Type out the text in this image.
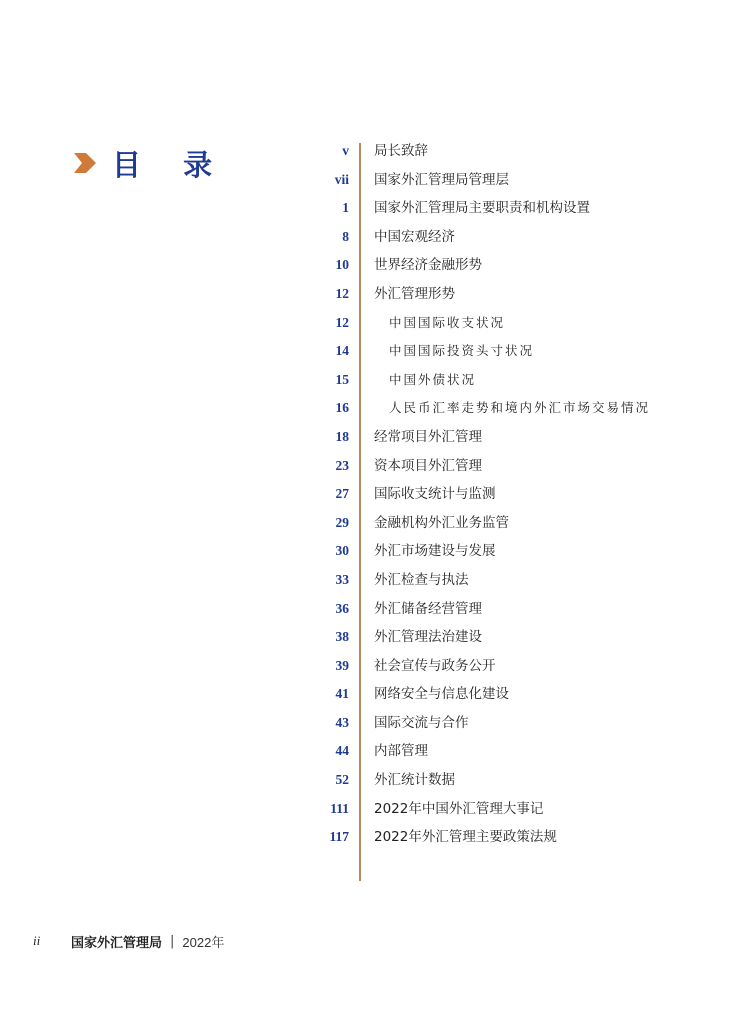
目 录	v 局长致辞
vii 国家外汇管理局管理层
1 国家外汇管理局主要职责和机构设置
8 中国宏观经济
10 世界经济金融形势
12 外汇管理形势
12	中国国际收支状况
14	中国国际投资头寸状况
15	中国外债状况
16	人民币汇率走势和境内外汇市场交易情况
18 经常项目外汇管理
23 资本项目外汇管理
27 国际收支统计与监测
29 金融机构外汇业务监管
30 外汇市场建设与发展
33 外汇检查与执法
36 外汇储备经营管理
38 外汇管理法治建设
39 社会宣传与政务公开
41 网络安全与信息化建设
43 国际交流与合作
44 内部管理
52 外汇统计数据
111 2022年中国外汇管理大事记
117 2022年外汇管理主要政策法规
ii	国家外汇管理局 | 2022年
